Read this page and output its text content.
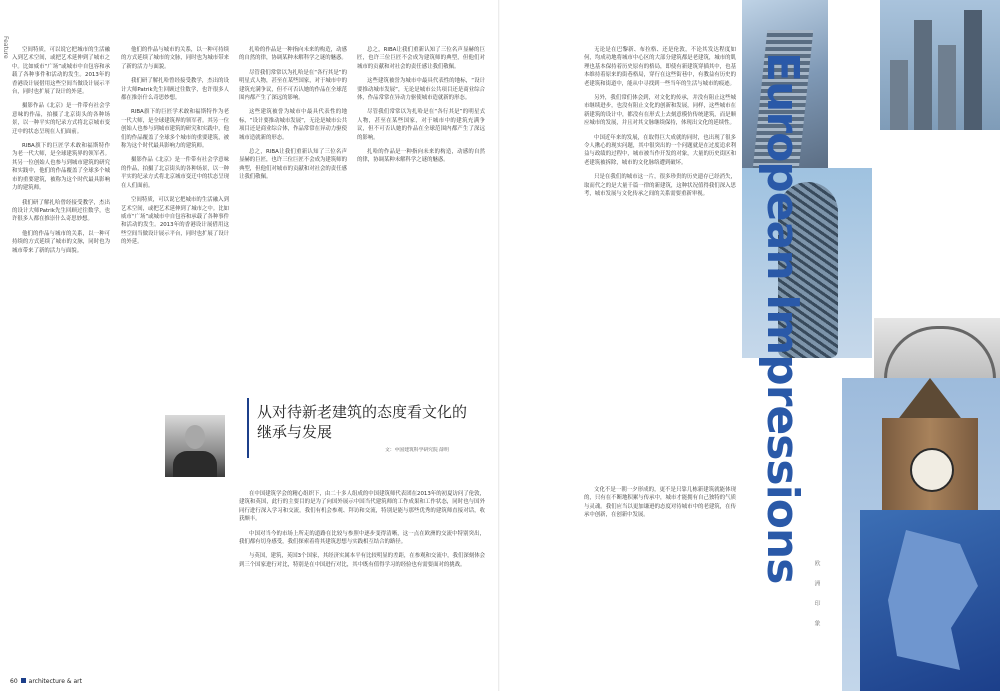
Feature	空间特质，可以说它把城市的生活融入到艺术空间，或把艺术延伸到了城市之中。比如威市“广场”或城市中自包容和承载了各种事件和活动的发生。2013年的香港设计展借用这些空间当做设计展示平台，同时也扩展了设计的外延。

摄影作品《北京》是一件带有社会学意味的作品，拍摄了北京街头的各种场景，以一种平实的纪录方式将北京城市变迁中的状态呈现在人们面前。

RIBA旗下的巨匠学术敢和福斯特作为老一代大师，是全球建筑界的领军者。其另一位创始人也参与到城市建筑的研究和实践中，他们的作品覆盖了全球多个城市的重要建筑，被称为这个时代最具影响力的建筑师。

我们研了解扎哈曾经接受教学，杰出的设计大师Patrik先生回顾过往数学，也许很多人都在推崇什么奇思妙想。

他们的作品与城市的关系，以一种可持续的方式延续了城市的文脉，同时也为城市带来了新的活力与面貌。

他们的作品与城市的关系，以一种可持续的方式延续了城市的文脉，同时也为城市带来了新的活力与面貌。

我们研了解扎哈曾经接受教学，杰出的设计大师Patrik先生回顾过往数学，也许很多人都在推崇什么奇思妙想。

RIBA旗下的巨匠学术敢和福斯特作为老一代大师，是全球建筑界的领军者。其另一位创始人也参与到城市建筑的研究和实践中，他们的作品覆盖了全球多个城市的重要建筑，被称为这个时代最具影响力的建筑师。

摄影作品《北京》是一件带有社会学意味的作品，拍摄了北京街头的各种场景，以一种平实的纪录方式将北京城市变迁中的状态呈现在人们面前。

空间特质，可以说它把城市的生活融入到艺术空间，或把艺术延伸到了城市之中。比如威市“广场”或城市中自包容和承载了各种事件和活动的发生。2013年的香港设计展借用这些空间当做设计展示平台，同时也扩展了设计的外延。

扎哈的作品是一种指向未来的构造，动感的自然的律，协调某种未解科学之谜的魅惑。

尽管我们常常以为扎哈是在“各行其是”的明星式人物，甚至在某些国家，对于城市中的建筑充满争议，但不可否认她的作品在全球范围内都产生了深远的影响。

这些建筑被誉为城市中最具代表性的地标，“设计要推动城市发展”，无论是城市公共项目还是商业综合体，作品常常在异动力驱使城市造就新的形态。

总之，RIBA让我们重新认知了三位名声显赫的巨匠，也许三位巨匠不会成为建筑师的典型，但他们对城市的贡献和对社会的责任感让我们敬佩。

总之，RIBA让我们重新认知了三位名声显赫的巨匠，也许三位巨匠不会成为建筑师的典型，但他们对城市的贡献和对社会的责任感让我们敬佩。

这些建筑被誉为城市中最具代表性的地标，“设计要推动城市发展”，无论是城市公共项目还是商业综合体，作品常常在异动力驱使城市造就新的形态。

尽管我们常常以为扎哈是在“各行其是”的明星式人物，甚至在某些国家，对于城市中的建筑充满争议，但不可否认她的作品在全球范围内都产生了深远的影响。

扎哈的作品是一种指向未来的构造，动感的自然的律，协调某种未解科学之谜的魅惑。

在中国建筑学会的精心组织下，由二十多人组成的中国建筑师代表团在2013年的初夏访问了伦敦，建筑和英国，此行的主要目的是为了向国外展示中国当代建筑师的工作成果和工作状态，同时也与国外同行进行深入学习和交流，我们有机会参观、拜访和交流，特别是能与那些优秀的建筑师直接对话，收获颇丰。

中国对当今的市场上所走的道路在比较与参照中逐步变得清晰，这一点在欧洲的交流中特别突出，我们都有切身感受，我们探索着将其建筑思想与实践相互结合的路径。

与英国，建筑，英国3个国家，其经济实属本平有比较明显的差距，在参观和交流中，我们深刻体会到三个国家进行对比，特别是在中国进行对比，其中既有值得学习的经验也有需要面对的挑战。

从对待新老建筑的态度看文化的继承与发展
文：中国建筑科学研究院 薛明
60 architecture & art

无论是在巴黎新、布拉格、还是伦敦，不论其发达程度如何，均成功地将城市中心区的大部分建筑都是老建筑，城市的肌理也基本保持着历史原有的格局，即使有新建筑穿插其中，也基本维持着原来的街巷格局，穿行在这些街巷中，有教益有历史的老建筑和街道中，能从中寻找到一些当年的生活与城市的痕迹。

另外，我们常们体会到，对文化的传承，并没有阻止这些城市继续进步，也没有阻止文化的创新和发展，同样，这些城市在新建筑的设计中，都没有在形式上去刻意模仿传统建筑，而是顺应城市的发展，并且对其文脉继续保持，体现出文化的延续性。

中国近年来的发展，在取得巨大成就的同时，也出现了很多令人揪心的现实问题，其中很突出的一个问题就是在过度追求利益与政绩的过程中，城市被当作开发的对象，大量的历史街区和老建筑被拆除，城市的文化脉络遭到破坏。

只是在我们的城市这一片，很多珍贵的历史遗存已经消失，取而代之的是大量千篇一律的新建筑，这种状况值得我们深入思考，城市发展与文化传承之间的关系需要重新审视。

文化不是一朝一夕形成的，更不是只靠几栋新建筑就能体现的，只有在不断地积累与传承中，城市才能拥有自己独特的气质与灵魂。我们应当以更加谦逊的态度对待城市中的老建筑，在传承中创新，在创新中发展。	European Impressions
欧洲印象
